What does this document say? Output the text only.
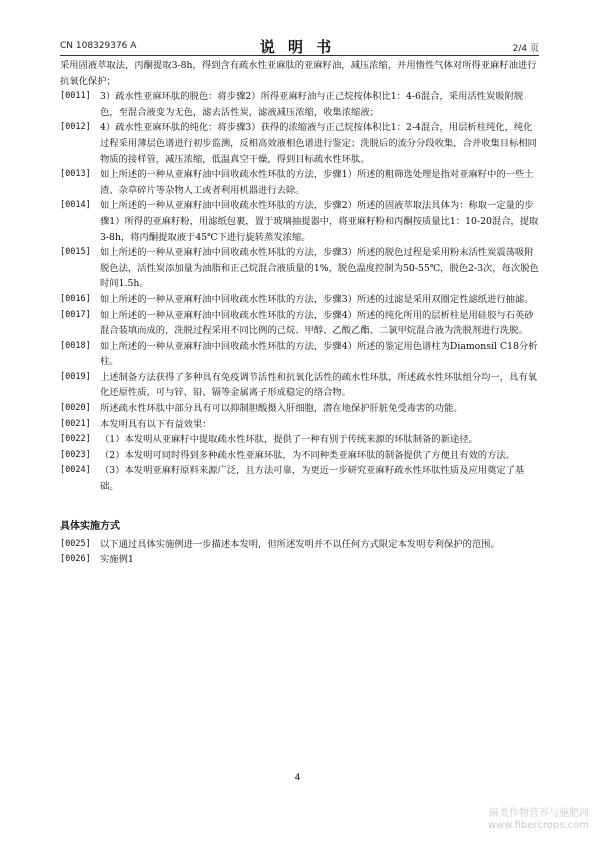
CN 108329376 A	说 明 书	2/4 页
采用固液萃取法，丙酮提取3-8h，得到含有疏水性亚麻肽的亚麻籽油，减压浓缩，并用惰性气体对所得亚麻籽油进行抗氧化保护；
[0011] 3）疏水性亚麻环肽的脱色：将步骤2）所得亚麻籽油与正己烷按体积比1：4-6混合，采用活性炭吸附脱色，至混合液变为无色，滤去活性炭，滤液减压浓缩，收集浓缩液；
[0012] 4）疏水性亚麻环肽的纯化：将步骤3）获得的浓缩液与正己烷按体积比1：2-4混合，用层析柱纯化，纯化过程采用薄层色谱进行初步监测，反相高效液相色谱进行鉴定；洗脱后的流分分段收集，合并收集目标相同物质的接样管，减压浓缩，低温真空干燥，得到目标疏水性环肽。
[0013] 如上所述的一种从亚麻籽油中回收疏水性环肽的方法，步骤1）所述的粗筛选处理是指对亚麻籽中的一些土渣、杂草碎片等杂物人工或者利用机器进行去除。
[0014] 如上所述的一种从亚麻籽油中回收疏水性环肽的方法，步骤2）所述的固液萃取法具体为：称取一定量的步骤1）所得的亚麻籽粉，用滤纸包裹，置于玻璃抽提器中，将亚麻籽粉和丙酮按质量比1：10-20混合，提取3-8h，将丙酮提取液于45℃下进行旋转蒸发浓缩。
[0015] 如上所述的一种从亚麻籽油中回收疏水性环肽的方法，步骤3）所述的脱色过程是采用粉末活性炭震荡吸附脱色法，活性炭添加量为油脂和正己烷混合液质量的1%，脱色温度控制为50-55℃，脱色2-3次，每次脱色时间1.5h。
[0016] 如上所述的一种从亚麻籽油中回收疏水性环肽的方法，步骤3）所述的过滤是采用双圈定性滤纸进行抽滤。
[0017] 如上所述的一种从亚麻籽油中回收疏水性环肽的方法，步骤4）所述的纯化所用的层析柱是用硅胶与石英砂混合装填而成的，洗脱过程采用不同比例的己烷、甲醇、乙酸乙酯、二氯甲烷混合液为洗脱剂进行洗脱。
[0018] 如上所述的一种从亚麻籽油中回收疏水性环肽的方法，步骤4）所述的鉴定用色谱柱为Diamonsil C18分析柱。
[0019] 上述制备方法获得了多种具有免疫调节活性和抗氧化活性的疏水性环肽，所述疏水性环肽组分均一，具有氧化还原性质，可与锌、铅、镉等金属离子形成稳定的络合物。
[0020] 所述疏水性环肽中部分具有可以抑制胆酸摄入肝细胞，潜在地保护肝脏免受毒害的功能。
[0021] 本发明具有以下有益效果：
[0022] （1）本发明从亚麻籽中提取疏水性环肽，提供了一种有别于传统来源的环肽制备的新途径。
[0023] （2）本发明可同时得到多种疏水性亚麻环肽，为不同种类亚麻环肽的制备提供了方便且有效的方法。
[0024] （3）本发明亚麻籽原料来源广泛，且方法可靠，为更近一步研究亚麻籽疏水性环肽性质及应用奠定了基础。
具体实施方式
[0025] 以下通过具体实施例进一步描述本发明，但所述发明并不以任何方式限定本发明专利保护的范围。
[0026] 实施例1
4
麻类作物营养与施肥网
www.fibercrops.com
